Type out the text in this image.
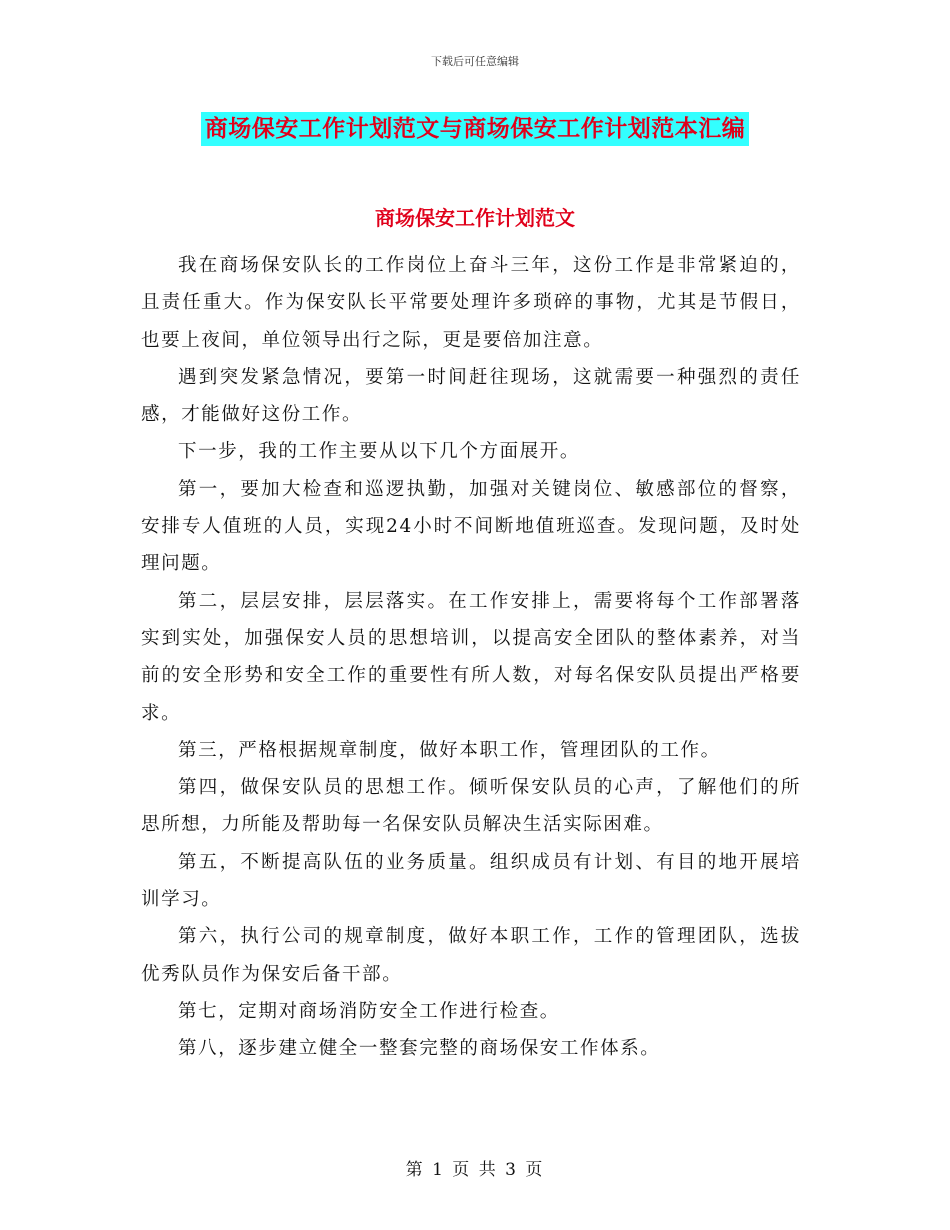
下载后可任意编辑
商场保安工作计划范文与商场保安工作计划范本汇编
商场保安工作计划范文

我在商场保安队长的工作岗位上奋斗三年，这份工作是非常紧迫的，且责任重大。作为保安队长平常要处理许多琐碎的事物，尤其是节假日，也要上夜间，单位领导出行之际，更是要倍加注意。

遇到突发紧急情况，要第一时间赶往现场，这就需要一种强烈的责任感，才能做好这份工作。

下一步，我的工作主要从以下几个方面展开。

第一，要加大检查和巡逻执勤，加强对关键岗位、敏感部位的督察，安排专人值班的人员，实现24小时不间断地值班巡查。发现问题，及时处理问题。

第二，层层安排，层层落实。在工作安排上，需要将每个工作部署落实到实处，加强保安人员的思想培训，以提高安全团队的整体素养，对当前的安全形势和安全工作的重要性有所人数，对每名保安队员提出严格要求。

第三，严格根据规章制度，做好本职工作，管理团队的工作。

第四，做保安队员的思想工作。倾听保安队员的心声，了解他们的所思所想，力所能及帮助每一名保安队员解决生活实际困难。

第五，不断提高队伍的业务质量。组织成员有计划、有目的地开展培训学习。

第六，执行公司的规章制度，做好本职工作，工作的管理团队，选拔优秀队员作为保安后备干部。

第七，定期对商场消防安全工作进行检查。

第八，逐步建立健全一整套完整的商场保安工作体系。

第 1 页 共 3 页
